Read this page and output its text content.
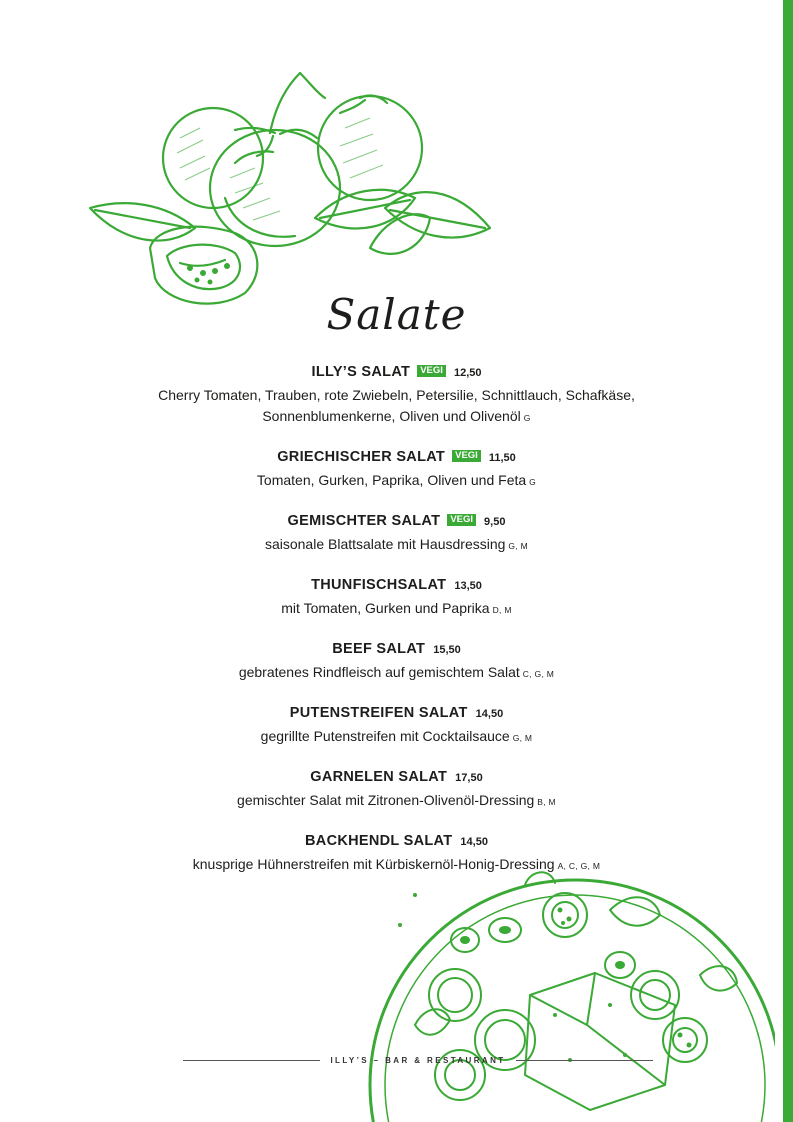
Salate
ILLY’S SALAT VEGI 12,50
Cherry Tomaten, Trauben, rote Zwiebeln, Petersilie, Schnittlauch, Schafkäse,
Sonnenblumenkerne, Oliven und Olivenöl G
GRIECHISCHER SALAT VEGI 11,50
Tomaten, Gurken, Paprika, Oliven und Feta G
GEMISCHTER SALAT VEGI 9,50
saisonale Blattsalate mit Hausdressing G, M
THUNFISCHSALAT 13,50
mit Tomaten, Gurken und Paprika D, M
BEEF SALAT 15,50
gebratenes Rindfleisch auf gemischtem Salat C, G, M
PUTENSTREIFEN SALAT 14,50
gegrillte Putenstreifen mit Cocktailsauce G, M
GARNELEN SALAT 17,50
gemischter Salat mit Zitronen-Olivenöl-Dressing B, M
BACKHENDL SALAT 14,50
knusprige Hühnerstreifen mit Kürbiskernöl-Honig-Dressing A, C, G, M
ILLY’S – BAR & RESTAURANT
